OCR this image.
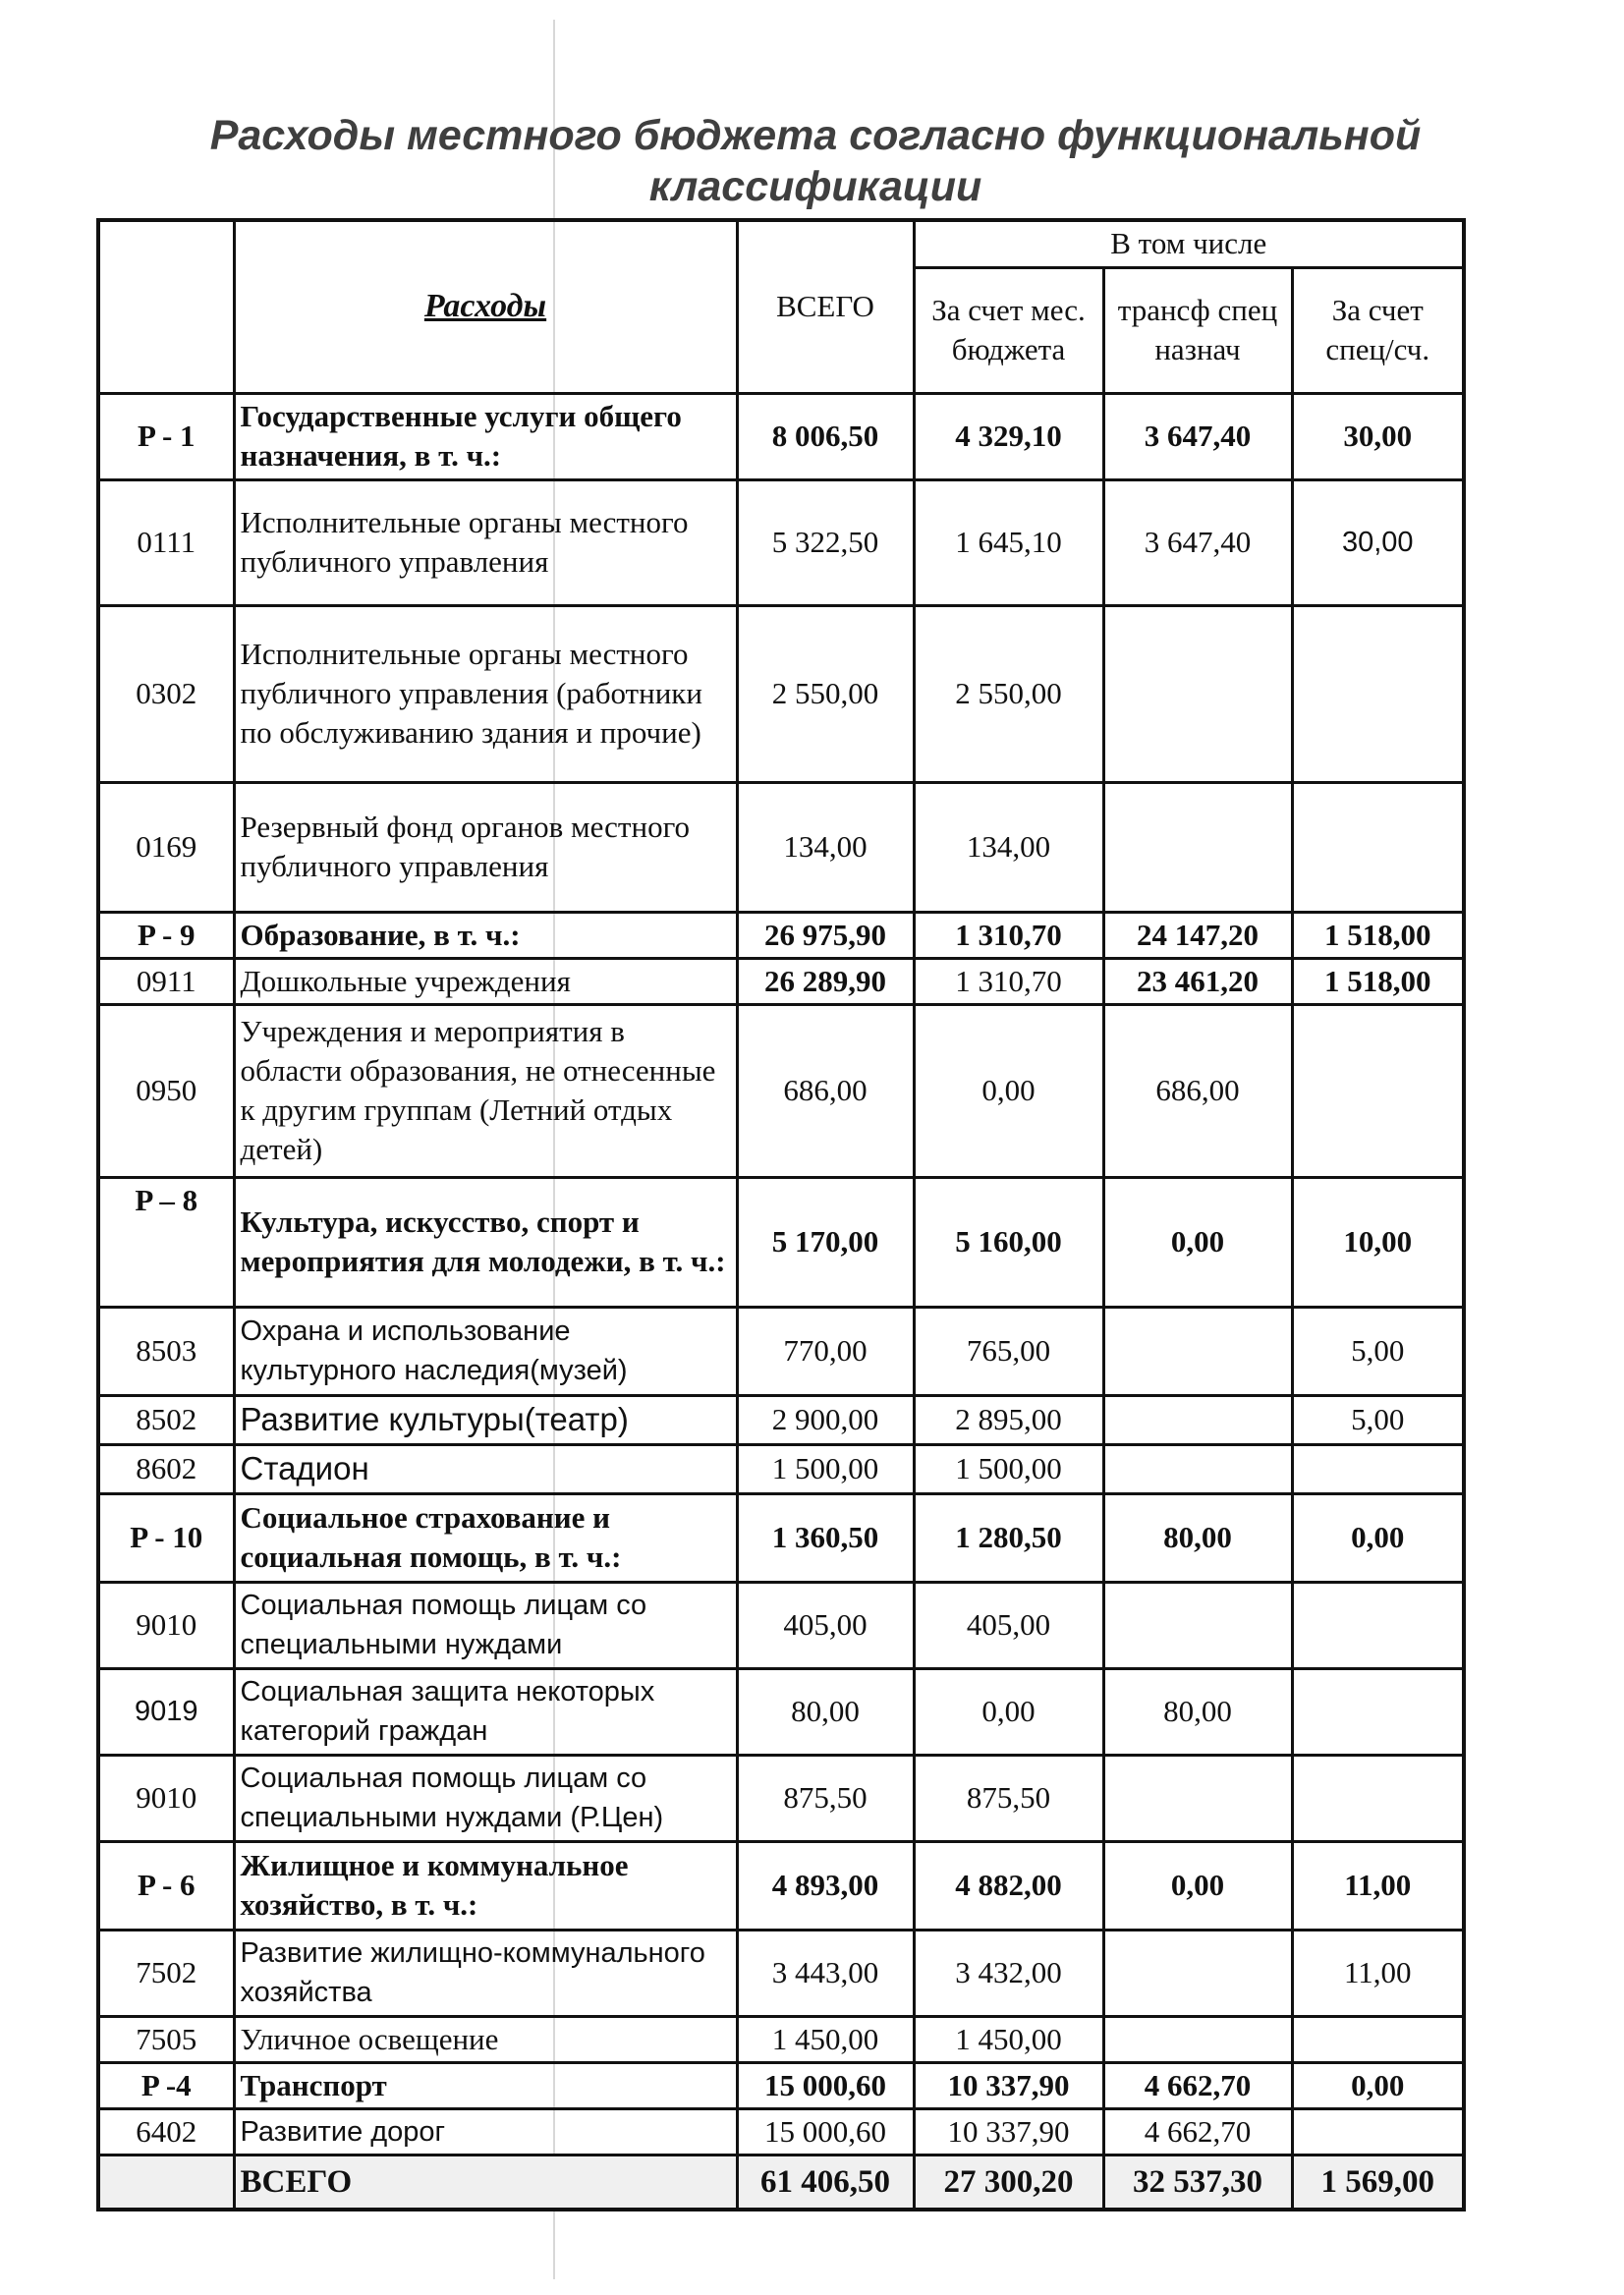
Расходы местного бюджета согласно функциональной
классификации
	Расходы	ВСЕГО	В том числе		
			За счет мес. бюджета	трансф спец назнач	За счет спец/сч.
P - 1	Государственные услуги общего назначения, в т. ч.:	8 006,50	4 329,10	3 647,40	30,00
0111	Исполнительные органы местного публичного управления	5 322,50	1 645,10	3 647,40	30,00
0302	Исполнительные органы местного публичного управления (работники по обслуживанию здания и прочие)	2 550,00	2 550,00		
0169	Резервный фонд органов местного публичного управления	134,00	134,00		
P - 9	Образование, в т. ч.:	26 975,90	1 310,70	24 147,20	1 518,00
0911	Дошкольные учреждения	26 289,90	1 310,70	23 461,20	1 518,00
0950	Учреждения и мероприятия в области образования, не отнесенные к другим группам (Летний отдых детей)	686,00	0,00	686,00	
P – 8	Культура, искусство, спорт и мероприятия для молодежи, в т. ч.:	5 170,00	5 160,00	0,00	10,00
8503	Охрана и использование культурного наследия(музей)	770,00	765,00		5,00
8502	Развитие культуры(театр)	2 900,00	2 895,00		5,00
8602	Стадион	1 500,00	1 500,00		
P - 10	Социальное страхование и социальная помощь, в т. ч.:	1 360,50	1 280,50	80,00	0,00
9010	Социальная помощь лицам со специальными нуждами	405,00	405,00		
9019	Социальная защита некоторых категорий граждан	80,00	0,00	80,00	
9010	Социальная помощь лицам со специальными нуждами (Р.Цен)	875,50	875,50		
P - 6	Жилищное и коммунальное хозяйство, в т. ч.:	4 893,00	4 882,00	0,00	11,00
7502	Развитие жилищно-коммунального хозяйства	3 443,00	3 432,00		11,00
7505	Уличное освещение	1 450,00	1 450,00		
P -4	Транспорт	15 000,60	10 337,90	4 662,70	0,00
6402	Развитие дорог	15 000,60	10 337,90	4 662,70	
	ВСЕГО	61 406,50	27 300,20	32 537,30	1 569,00
